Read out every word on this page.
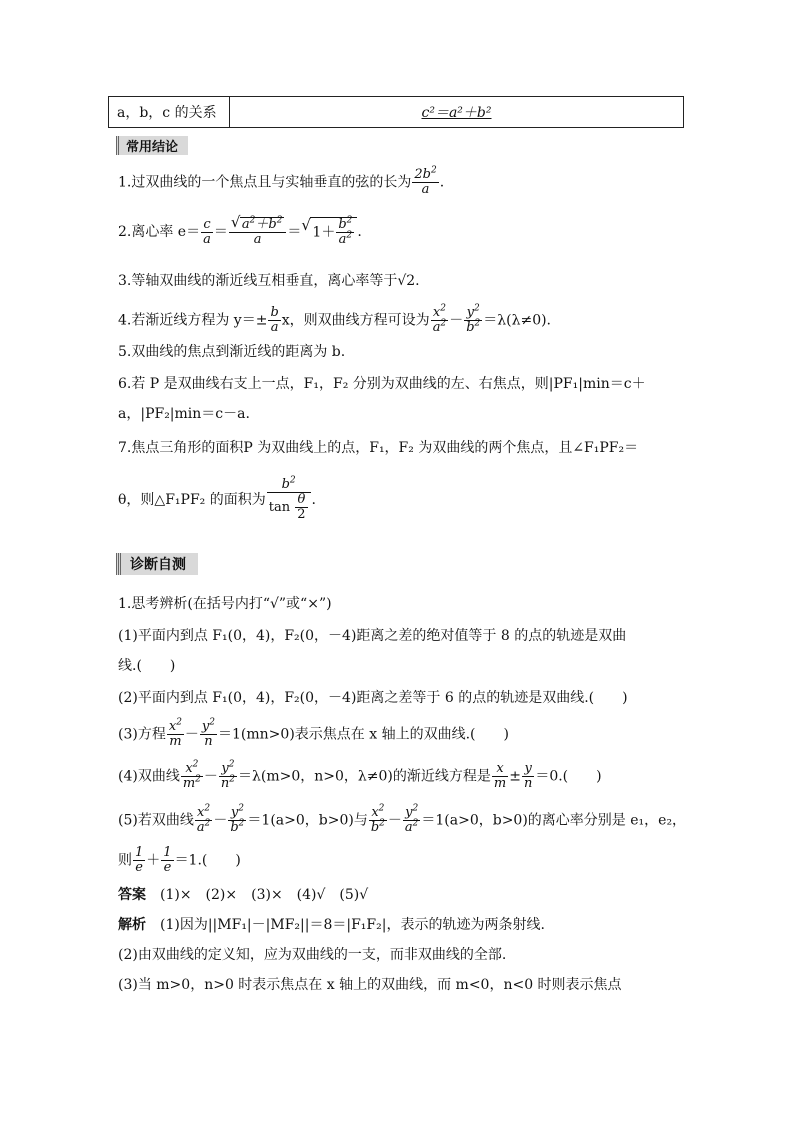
a，b，c 的关系	c²＝a²＋b²
常用结论
1.过双曲线的一个焦点且与实轴垂直的弦的长为 $\frac{2b^2}{a}$ .
2.离心率 $e= \frac{c}{a}$ ＝ √ $\frac{a^2+b^2}{a}$ ＝ √ $1+ \frac{b^2}{a^2}$ .
3.等轴双曲线的渐近线互相垂直，离心率等于√2.
4.若渐近线方程为 $y=\pm \frac{b}{a}$ x，则双曲线方程可设为 $\frac{x^2}{a^2} - \frac{y^2}{b^2} =\lambda(\lambda\ne 0)$.
5.双曲线的焦点到渐近线的距离为 b.
6.若 P 是双曲线右支上一点，F₁，F₂ 分别为双曲线的左、右焦点，则|PF₁|min＝c＋
a，|PF₂|min＝c－a.
7.焦点三角形的面积P 为双曲线上的点，F₁，F₂ 为双曲线的两个焦点，且∠F₁PF₂＝
θ，则△F₁PF₂ 的面积为 $\frac{b^2}{\tan \frac{\theta}{2}}$ .
诊断自测
1.思考辨析(在括号内打“√”或“×”)
(1)平面内到点 F₁(0，4)，F₂(0，－4)距离之差的绝对值等于 8 的点的轨迹是双曲
线.(　　)
(2)平面内到点 F₁(0，4)，F₂(0，－4)距离之差等于 6 的点的轨迹是双曲线.(　　)
(3)方程 $\frac{x^2}{m} - \frac{y^2}{n} =1(mn>0)$表示焦点在 x 轴上的双曲线.(　　)
(4)双曲线 $\frac{x^2}{m^2} - \frac{y^2}{n^2} =\lambda(m>0$，n>0，λ≠0)的渐近线方程是 $\frac{x}{m} \pm \frac{y}{n} =0$.(　　)
(5)若双曲线 $\frac{x^2}{a^2} - \frac{y^2}{b^2} =1(a>0$，b>0)与 $\frac{x^2}{b^2} - \frac{y^2}{a^2} =1(a>0$，b>0)的离心率分别是 e₁，e₂，
则 $\frac{1}{e} + \frac{1}{e} =1$.(　　)
答案 (1)×　(2)×　(3)×　(4)√　(5)√
解析 (1)因为||MF₁|－|MF₂||＝8＝|F₁F₂|，表示的轨迹为两条射线.
(2)由双曲线的定义知，应为双曲线的一支，而非双曲线的全部.
(3)当 m>0，n>0 时表示焦点在 x 轴上的双曲线，而 m<0，n<0 时则表示焦点
